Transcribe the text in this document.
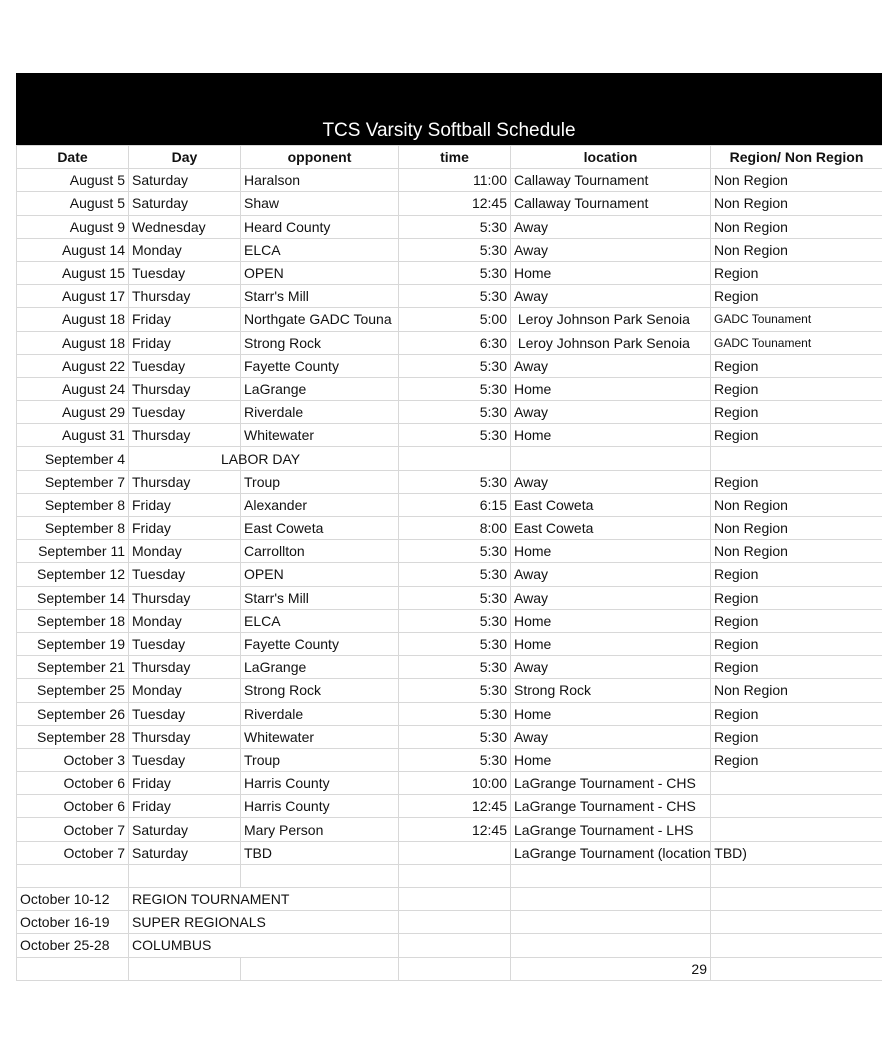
TCS Varsity Softball Schedule
Date	Day	opponent	time	location	Region/ Non Region
August 5	Saturday	Haralson	11:00	Callaway Tournament	Non Region
August 5	Saturday	Shaw	12:45	Callaway Tournament	Non Region
August 9	Wednesday	Heard County	5:30	Away	Non Region
August 14	Monday	ELCA	5:30	Away	Non Region
August 15	Tuesday	OPEN	5:30	Home	Region
August 17	Thursday	Starr's Mill	5:30	Away	Region
August 18	Friday	Northgate GADC Touna	5:00	Leroy Johnson Park Senoia	GADC Tounament
August 18	Friday	Strong Rock	6:30	Leroy Johnson Park Senoia	GADC Tounament
August 22	Tuesday	Fayette County	5:30	Away	Region
August 24	Thursday	LaGrange	5:30	Home	Region
August 29	Tuesday	Riverdale	5:30	Away	Region
August 31	Thursday	Whitewater	5:30	Home	Region
September 4		LABOR DAY			
September 7	Thursday	Troup	5:30	Away	Region
September 8	Friday	Alexander	6:15	East Coweta	Non Region
September 8	Friday	East Coweta	8:00	East Coweta	Non Region
September 11	Monday	Carrollton	5:30	Home	Non Region
September 12	Tuesday	OPEN	5:30	Away	Region
September 14	Thursday	Starr's Mill	5:30	Away	Region
September 18	Monday	ELCA	5:30	Home	Region
September 19	Tuesday	Fayette County	5:30	Home	Region
September 21	Thursday	LaGrange	5:30	Away	Region
September 25	Monday	Strong Rock	5:30	Strong Rock	Non Region
September 26	Tuesday	Riverdale	5:30	Home	Region
September 28	Thursday	Whitewater	5:30	Away	Region
October 3	Tuesday	Troup	5:30	Home	Region
October 6	Friday	Harris County	10:00	LaGrange Tournament - CHS	
October 6	Friday	Harris County	12:45	LaGrange Tournament - CHS	
October 7	Saturday	Mary Person	12:45	LaGrange Tournament - LHS	
October 7	Saturday	TBD		LaGrange Tournament (location TBD)	

October 10-12	REGION TOURNAMENT			
October 16-19	SUPER REGIONALS			
October 25-28	COLUMBUS			
				29	
